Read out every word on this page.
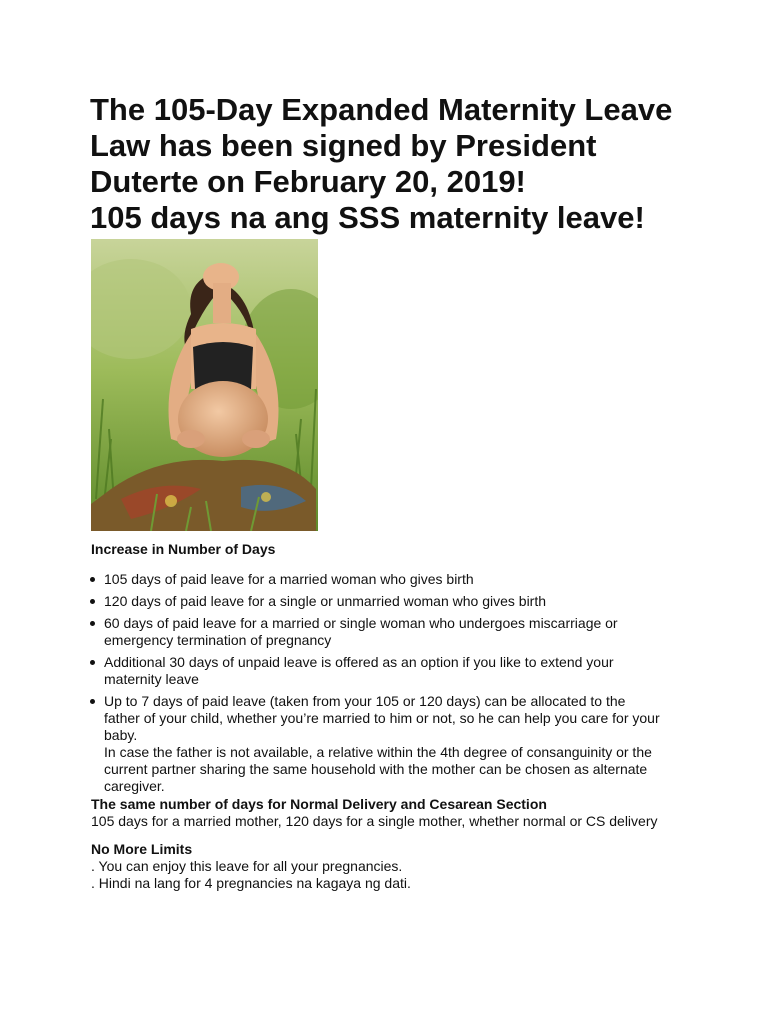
The 105-Day Expanded Maternity Leave
Law has been signed by President
Duterte on February 20, 2019!
105 days na ang SSS maternity leave!
Increase in Number of Days
105 days of paid leave for a married woman who gives birth
120 days of paid leave for a single or unmarried woman who gives birth
60 days of paid leave for a married or single woman who undergoes miscarriage or
emergency termination of pregnancy
Additional 30 days of unpaid leave is offered as an option if you like to extend your
maternity leave
Up to 7 days of paid leave (taken from your 105 or 120 days) can be allocated to the
father of your child, whether you’re married to him or not, so he can help you care for your
baby.
In case the father is not available, a relative within the 4th degree of consanguinity or the
current partner sharing the same household with the mother can be chosen as alternate
caregiver.
The same number of days for Normal Delivery and Cesarean Section

105 days for a married mother, 120 days for a single mother, whether normal or CS delivery

No More Limits

. You can enjoy this leave for all your pregnancies.

. Hindi na lang for 4 pregnancies na kagaya ng dati.
